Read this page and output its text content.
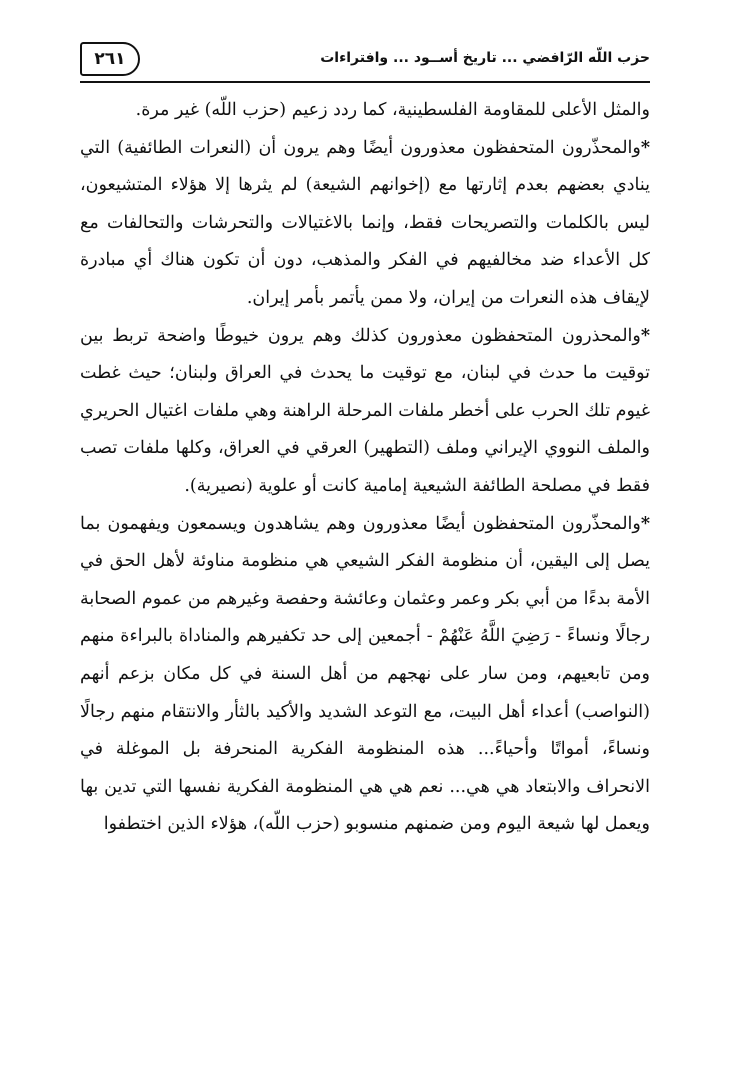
٢٦١	حزب اللّه الرّافضي ... تاريخ أســود ... وافتراءات

والمثل الأعلى للمقاومة الفلسطينية، كما ردد زعيم (حزب اللّه) غير مرة.

*والمحذّرون المتحفظون معذورون أيضًا وهم يرون أن (النعرات الطائفية) التي ينادي بعضهم بعدم إثارتها مع (إخوانهم الشيعة) لم يثرها إلا هؤلاء المتشيعون، ليس بالكلمات والتصريحات فقط، وإنما بالاغتيالات والتحرشات والتحالفات مع كل الأعداء ضد مخالفيهم في الفكر والمذهب، دون أن تكون هناك أي مبادرة لإيقاف هذه النعرات من إيران، ولا ممن يأتمر بأمر إيران.

*والمحذرون المتحفظون معذورون كذلك وهم يرون خيوطًا واضحة تربط بين توقيت ما حدث في لبنان، مع توقيت ما يحدث في العراق ولبنان؛ حيث غطت غيوم تلك الحرب على أخطر ملفات المرحلة الراهنة وهي ملفات اغتيال الحريري والملف النووي الإيراني وملف (التطهير) العرقي في العراق، وكلها ملفات تصب فقط في مصلحة الطائفة الشيعية إمامية كانت أو علوية (نصيرية).

*والمحذّرون المتحفظون أيضًا معذورون وهم يشاهدون ويسمعون ويفهمون بما يصل إلى اليقين، أن منظومة الفكر الشيعي هي منظومة مناوئة لأهل الحق في الأمة بدءًا من أبي بكر وعمر وعثمان وعائشة وحفصة وغيرهم من عموم الصحابة رجالًا ونساءً - رَضِيَ اللَّهُ عَنْهُمْ - أجمعين إلى حد تكفيرهم والمناداة بالبراءة منهم ومن تابعيهم، ومن سار على نهجهم من أهل السنة في كل مكان بزعم أنهم (النواصب) أعداء أهل البيت، مع التوعد الشديد والأكيد بالثأر والانتقام منهم رجالًا ونساءً، أمواتًا وأحياءً... هذه المنظومة الفكرية المنحرفة بل الموغلة في الانحراف والابتعاد هي هي... نعم هي هي المنظومة الفكرية نفسها التي تدين بها ويعمل لها شيعة اليوم ومن ضمنهم منسوبو (حزب اللّه)، هؤلاء الذين اختطفوا
